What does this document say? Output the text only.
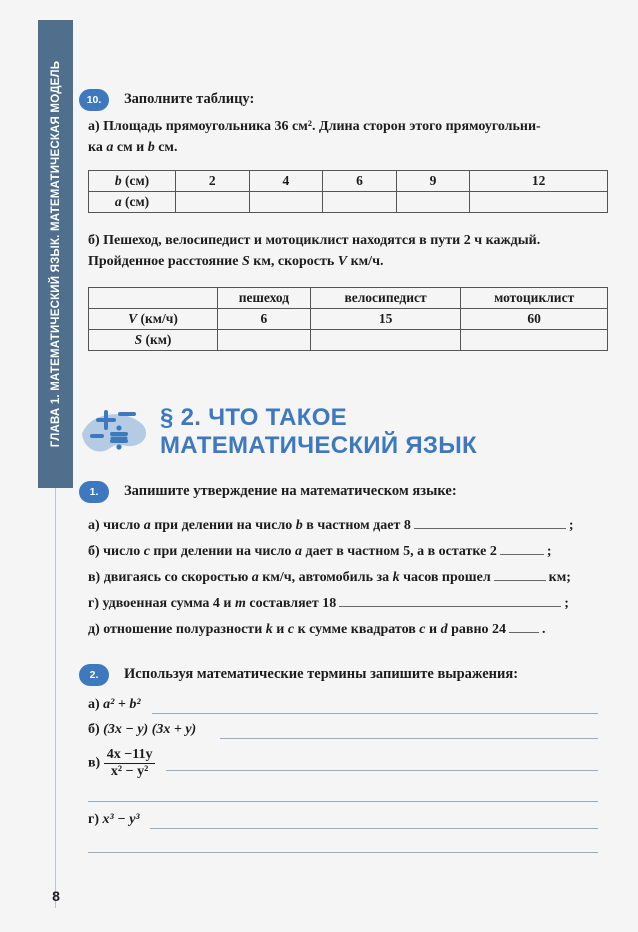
ГЛАВА 1. МАТЕМАТИЧЕСКИЙ ЯЗЫК. МАТЕМАТИЧЕСКАЯ МОДЕЛЬ
8
10.	Заполните таблицу:
а) Площадь прямоугольника 36 см². Длина сторон этого прямоугольни-
ка a см и b см.
b (см)	2	4	6	9	12
a (см)					
б) Пешеход, велосипедист и мотоциклист находятся в пути 2 ч каждый.
Пройденное расстояние S км, скорость V км/ч.
	пешеход	велосипедист	мотоциклист
V (км/ч)	6	15	60
S (км)			
§ 2. ЧТО ТАКОЕ
МАТЕМАТИЧЕСКИЙ ЯЗЫК
1.	Запишите утверждение на математическом языке:
а) число a при делении на число b в частном дает 8	;
б) число c при делении на число a дает в частном 5, а в остатке 2	;
в) двигаясь со скоростью a км/ч, автомобиль за k часов прошел	км;
г) удвоенная сумма 4 и m составляет 18	;
д) отношение полуразности k и c к сумме квадратов c и d равно 24	.
2.	Используя математические термины запишите выражения:
а) a² + b²
б) (3x − y) (3x + y)
$в) \frac{4x -11y}{\text{x² − y²}}$
г) x³ − y³
